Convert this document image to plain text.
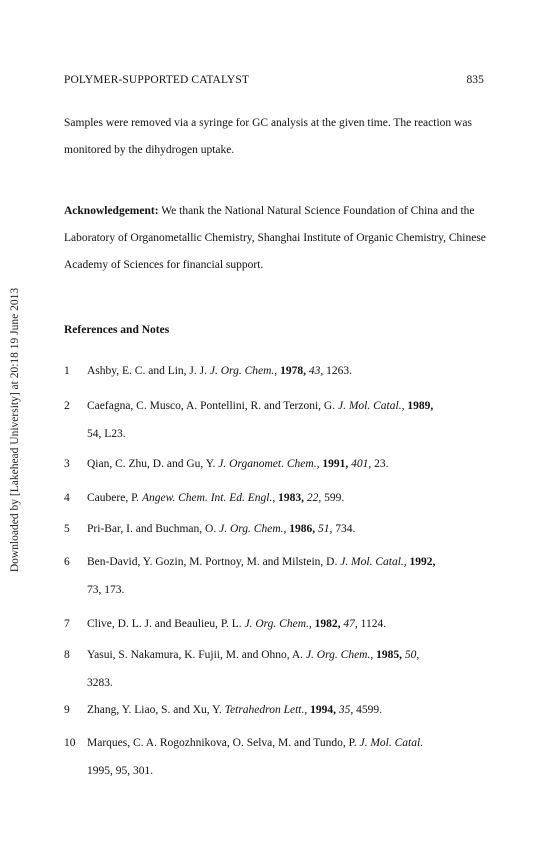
Downloaded by [Lakehead University] at 20:18 19 June 2013
POLYMER-SUPPORTED CATALYST	835
Samples were removed via a syringe for GC analysis at the given time. The reaction was monitored by the dihydrogen uptake.
Acknowledgement: We thank the National Natural Science Foundation of China and the Laboratory of Organometallic Chemistry, Shanghai Institute of Organic Chemistry, Chinese Academy of Sciences for financial support.
References and Notes
1	Ashby, E. C. and Lin, J. J. J. Org. Chem., 1978, 43, 1263.
2	Caefagna, C. Musco, A. Pontellini, R. and Terzoni, G. J. Mol. Catal., 1989,
54, L23.
3	Qian, C. Zhu, D. and Gu, Y. J. Organomet. Chem., 1991, 401, 23.
4	Caubere, P. Angew. Chem. Int. Ed. Engl., 1983, 22, 599.
5	Pri-Bar, I. and Buchman, O. J. Org. Chem., 1986, 51, 734.
6	Ben-David, Y. Gozin, M. Portnoy, M. and Milstein, D. J. Mol. Catal., 1992,
73, 173.
7	Clive, D. L. J. and Beaulieu, P. L. J. Org. Chem., 1982, 47, 1124.
8	Yasui, S. Nakamura, K. Fujii, M. and Ohno, A. J. Org. Chem., 1985, 50,
3283.
9	Zhang, Y. Liao, S. and Xu, Y. Tetrahedron Lett., 1994, 35, 4599.
10	Marques, C. A. Rogozhnikova, O. Selva, M. and Tundo, P. J. Mol. Catal.
1995, 95, 301.
